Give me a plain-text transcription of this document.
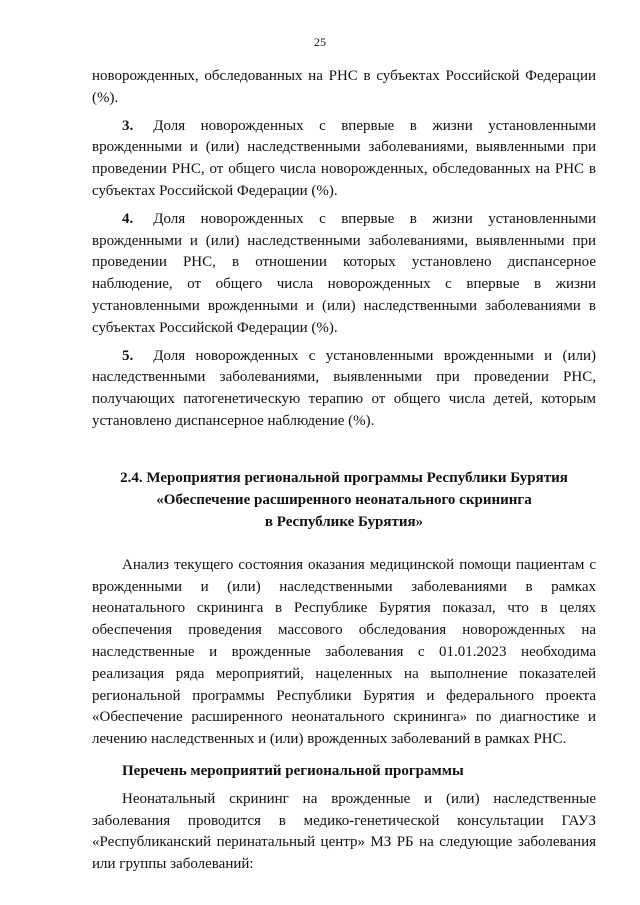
25

новорожденных, обследованных на РНС в субъектах Российской Федерации (%).

3. Доля новорожденных с впервые в жизни установленными врожденными и (или) наследственными заболеваниями, выявленными при проведении РНС, от общего числа новорожденных, обследованных на РНС в субъектах Российской Федерации (%).

4. Доля новорожденных с впервые в жизни установленными врожденными и (или) наследственными заболеваниями, выявленными при проведении РНС, в отношении которых установлено диспансерное наблюдение, от общего числа новорожденных с впервые в жизни установленными врожденными и (или) наследственными заболеваниями в субъектах Российской Федерации (%).

5. Доля новорожденных с установленными врожденными и (или) наследственными заболеваниями, выявленными при проведении РНС, получающих патогенетическую терапию от общего числа детей, которым установлено диспансерное наблюдение (%).

2.4. Мероприятия региональной программы Республики Бурятия
«Обеспечение расширенного неонатального скрининга
в Республике Бурятия»

Анализ текущего состояния оказания медицинской помощи пациентам с врожденными и (или) наследственными заболеваниями в рамках неонатального скрининга в Республике Бурятия показал, что в целях обеспечения проведения массового обследования новорожденных на наследственные и врожденные заболевания с 01.01.2023 необходима реализация ряда мероприятий, нацеленных на выполнение показателей региональной программы Республики Бурятия и федерального проекта «Обеспечение расширенного неонатального скрининга» по диагностике и лечению наследственных и (или) врожденных заболеваний в рамках РНС.

Перечень мероприятий региональной программы

Неонатальный скрининг на врожденные и (или) наследственные заболевания проводится в медико-генетической консультации ГАУЗ «Республиканский перинатальный центр» МЗ РБ на следующие заболевания или группы заболеваний:
